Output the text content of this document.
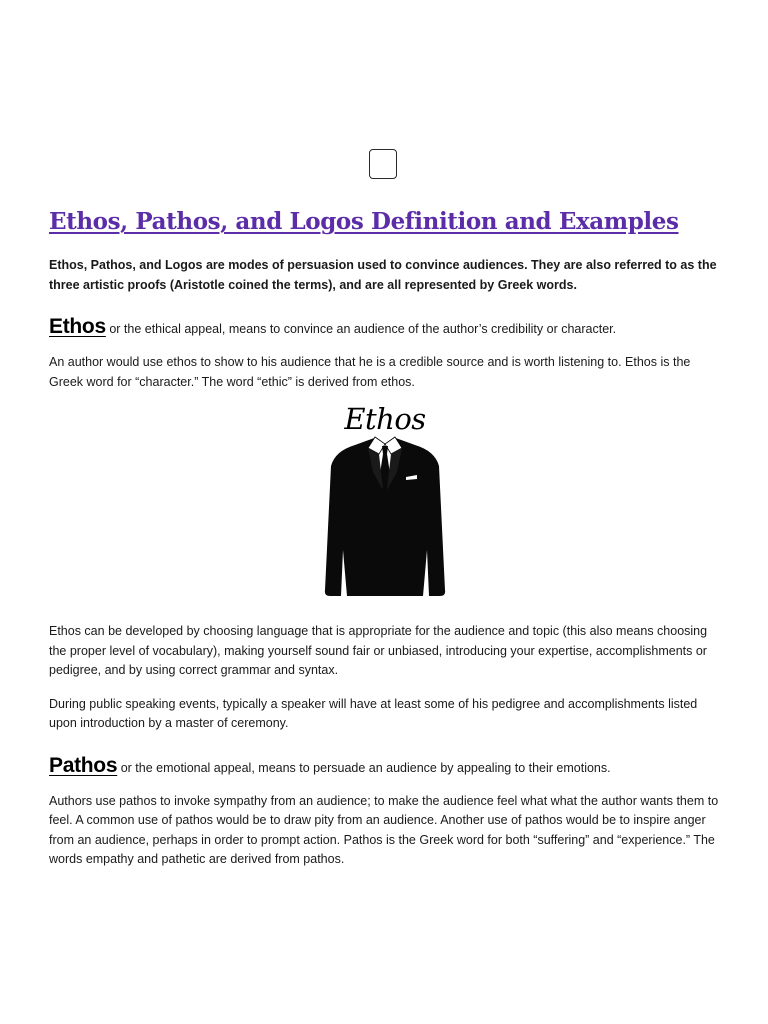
Ethos, Pathos, and Logos Definition and Examples

Ethos, Pathos, and Logos are modes of persuasion used to convince audiences. They are also referred to as the three artistic proofs (Aristotle coined the terms), and are all represented by Greek words.

Ethos or the ethical appeal, means to convince an audience of the author’s credibility or character.

An author would use ethos to show to his audience that he is a credible source and is worth listening to. Ethos is the Greek word for “character.” The word “ethic” is derived from ethos.

Ethos

Ethos can be developed by choosing language that is appropriate for the audience and topic (this also means choosing the proper level of vocabulary), making yourself sound fair or unbiased, introducing your expertise, accomplishments or pedigree, and by using correct grammar and syntax.

During public speaking events, typically a speaker will have at least some of his pedigree and accomplishments listed upon introduction by a master of ceremony.

Pathos or the emotional appeal, means to persuade an audience by appealing to their emotions.

Authors use pathos to invoke sympathy from an audience; to make the audience feel what what the author wants them to feel. A common use of pathos would be to draw pity from an audience. Another use of pathos would be to inspire anger from an audience, perhaps in order to prompt action. Pathos is the Greek word for both “suffering” and “experience.” The words empathy and pathetic are derived from pathos.
